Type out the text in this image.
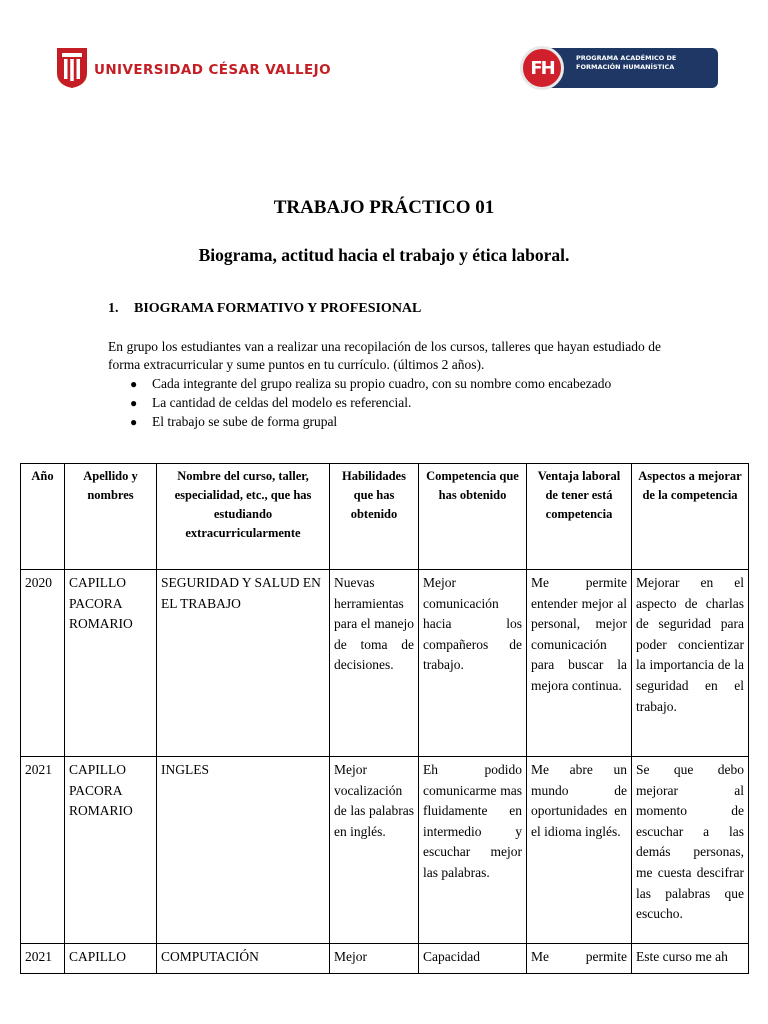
UNIVERSIDAD CÉSAR VALLEJO	FH	PROGRAMA ACADÉMICO DE FORMACIÓN HUMANÍSTICA
TRABAJO PRÁCTICO 01
Biograma, actitud hacia el trabajo y ética laboral.
1. BIOGRAMA FORMATIVO Y PROFESIONAL
En grupo los estudiantes van a realizar una recopilación de los cursos, talleres que hayan estudiado de forma extracurricular y sume puntos en tu currículo. (últimos 2 años).
● Cada integrante del grupo realiza su propio cuadro, con su nombre como encabezado
● La cantidad de celdas del modelo es referencial.
● El trabajo se sube de forma grupal
Año	Apellido y nombres	Nombre del curso, taller, especialidad, etc., que has estudiando extracurricularmente	Habilidades que has obtenido	Competencia que has obtenido	Ventaja laboral de tener está competencia	Aspectos a mejorar de la competencia
2020	CAPILLO PACORA ROMARIO	SEGURIDAD Y SALUD EN EL TRABAJO	Nuevas herramientas para el manejo de toma de decisiones.	Mejor comunicación hacia los compañeros de trabajo.	Me permite entender mejor al personal, mejor comunicación para buscar la mejora continua.	Mejorar en el aspecto de charlas de seguridad para poder concientizar la importancia de la seguridad en el trabajo.
2021	CAPILLO PACORA ROMARIO	INGLES	Mejor vocalización de las palabras en inglés.	Eh podido comunicarme mas fluidamente en intermedio y escuchar mejor las palabras.	Me abre un mundo de oportunidades en el idioma inglés.	Se que debo mejorar al momento de escuchar a las demás personas, me cuesta descifrar las palabras que escucho.
2021	CAPILLO	COMPUTACIÓN	Mejor	Capacidad	Me permite	Este curso me ah
